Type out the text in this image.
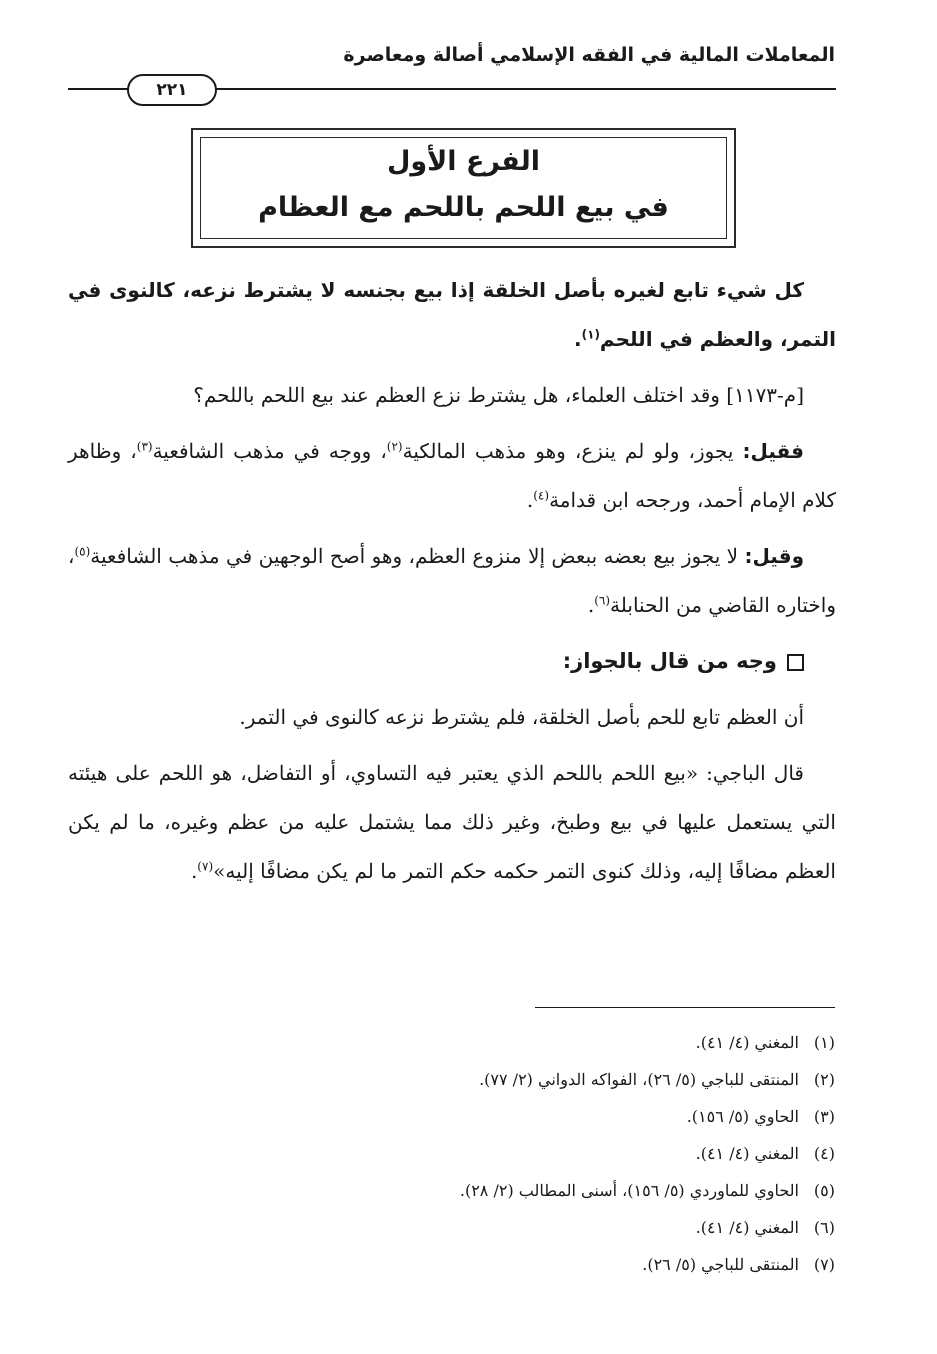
المعاملات المالية في الفقه الإسلامي أصالة ومعاصرة
٢٢١
الفرع الأول
في بيع اللحم باللحم مع العظام

كل شيء تابع لغيره بأصل الخلقة إذا بيع بجنسه لا يشترط نزعه، كالنوى في التمر، والعظم في اللحم$^{(١)}$.

[م-١١٧٣] وقد اختلف العلماء، هل يشترط نزع العظم عند بيع اللحم باللحم؟

فقيل: يجوز، ولو لم ينزع، وهو مذهب المالكية$^{(٢)}$، ووجه في مذهب الشافعية$^{(٣)}$، وظاهر كلام الإمام أحمد، ورجحه ابن قدامة$^{(٤)}$.

وقيل: لا يجوز بيع بعضه ببعض إلا منزوع العظم، وهو أصح الوجهين في مذهب الشافعية$^{(٥)}$، واختاره القاضي من الحنابلة$^{(٦)}$.

وجه من قال بالجواز:

أن العظم تابع للحم بأصل الخلقة، فلم يشترط نزعه كالنوى في التمر.

قال الباجي: «بيع اللحم باللحم الذي يعتبر فيه التساوي، أو التفاضل، هو اللحم على هيئته التي يستعمل عليها في بيع وطبخ، وغير ذلك مما يشتمل عليه من عظم وغيره، ما لم يكن العظم مضافًا إليه، وذلك كنوى التمر حكمه حكم التمر ما لم يكن مضافًا إليه»$^{(٧)}$.

(١)المغني (٤/ ٤١).
(٢)المنتقى للباجي (٥/ ٢٦)، الفواكه الدواني (٢/ ٧٧).
(٣)الحاوي (٥/ ١٥٦).
(٤)المغني (٤/ ٤١).
(٥)الحاوي للماوردي (٥/ ١٥٦)، أسنى المطالب (٢/ ٢٨).
(٦)المغني (٤/ ٤١).
(٧)المنتقى للباجي (٥/ ٢٦).
